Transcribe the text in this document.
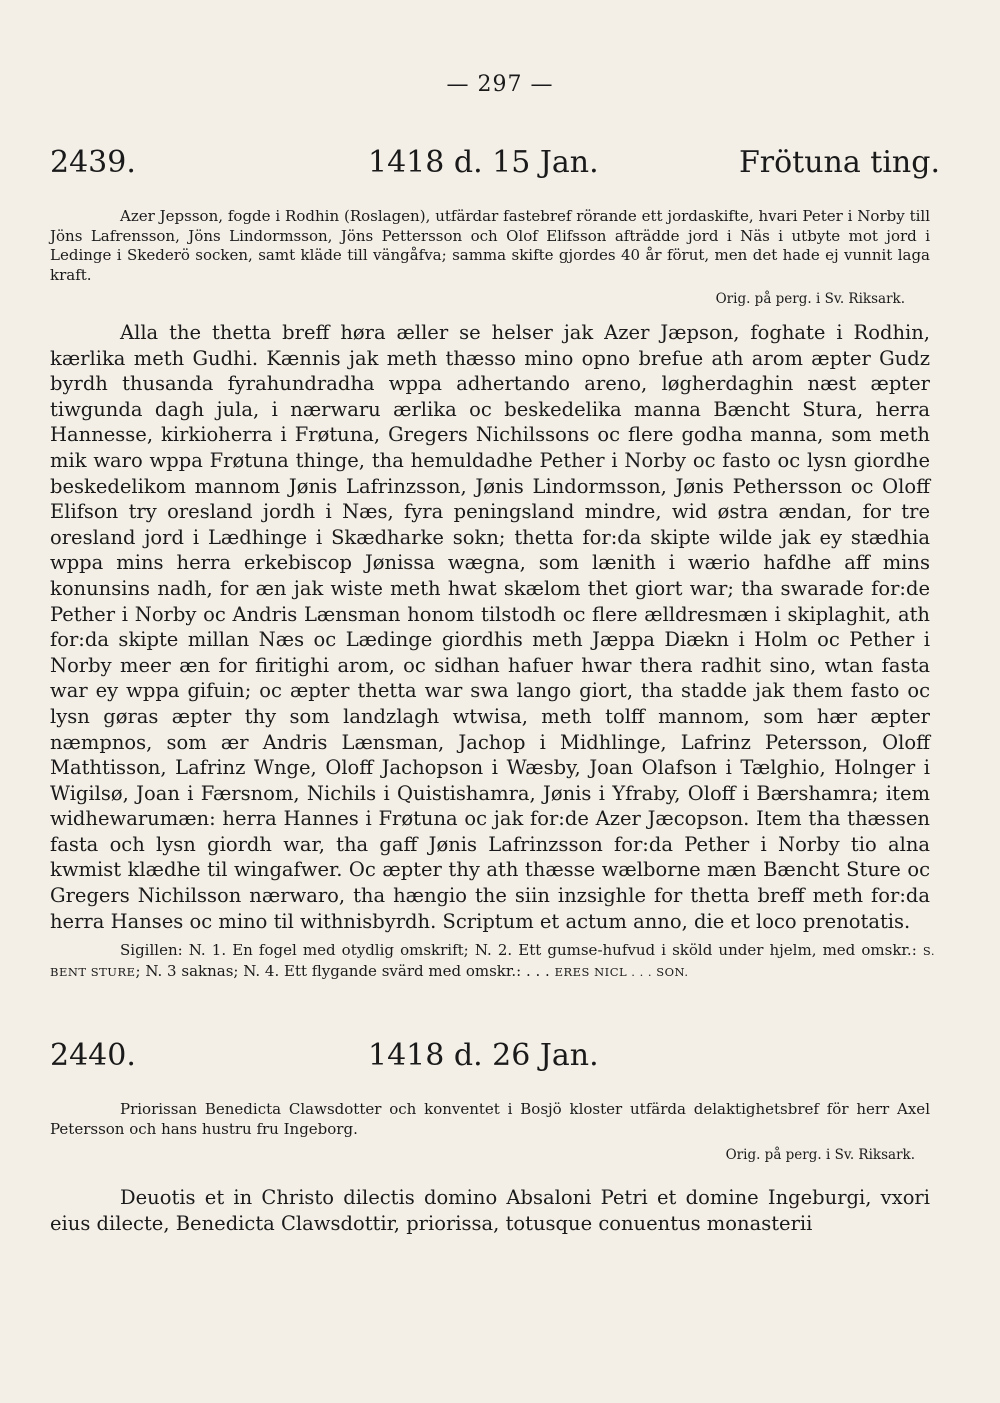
— 297 —
2439.	1418 d. 15 Jan.	Frötuna ting.
Azer Jepsson, fogde i Rodhin (Roslagen), utfärdar fastebref rörande ett jordaskifte, hvari Peter i Norby till Jöns Lafrensson, Jöns Lindormsson, Jöns Pettersson och Olof Elifsson afträdde jord i Näs i utbyte mot jord i Ledinge i Skederö socken, samt kläde till vängåfva; samma skifte gjordes 40 år förut, men det hade ej vunnit laga kraft.
Orig. på perg. i Sv. Riksark.
Alla the thetta breff høra æller se helser jak Azer Jæpson, foghate i Rodhin, kærlika meth Gudhi. Kænnis jak meth thæsso mino opno brefue ath arom æpter Gudz byrdh thusanda fyrahundradha wppa adhertando areno, løgherdaghin næst æpter tiwgunda dagh jula, i nærwaru ærlika oc beskedelika manna Bæncht Stura, herra Hannesse, kirkioherra i Frøtuna, Gregers Nichilssons oc flere godha manna, som meth mik waro wppa Frøtuna thinge, tha hemuldadhe Pether i Norby oc fasto oc lysn giordhe beskedelikom mannom Jønis Lafrinzsson, Jønis Lindormsson, Jønis Pethersson oc Oloff Elifson try oresland jordh i Næs, fyra peningsland mindre, wid østra ændan, for tre oresland jord i Lædhinge i Skædharke sokn; thetta for:da skipte wilde jak ey stædhia wppa mins herra erkebiscop Jønissa wægna, som lænith i wærio hafdhe aff mins konunsins nadh, for æn jak wiste meth hwat skælom thet giort war; tha swarade for:de Pether i Norby oc Andris Lænsman honom tilstodh oc flere ælldresmæn i skiplaghit, ath for:da skipte millan Næs oc Lædinge giordhis meth Jæppa Diækn i Holm oc Pether i Norby meer æn for firitighi arom, oc sidhan hafuer hwar thera radhit sino, wtan fasta war ey wppa gifuin; oc æpter thetta war swa lango giort, tha stadde jak them fasto oc lysn gøras æpter thy som landzlagh wtwisa, meth tolff mannom, som hær æpter næmpnos, som ær Andris Lænsman, Jachop i Midhlinge, Lafrinz Petersson, Oloff Mathtisson, Lafrinz Wnge, Oloff Jachopson i Wæsby, Joan Olafson i Tælghio, Holnger i Wigilsø, Joan i Færsnom, Nichils i Quistishamra, Jønis i Yfraby, Oloff i Bærshamra; item widhewarumæn: herra Hannes i Frøtuna oc jak for:de Azer Jæcopson. Item tha thæssen fasta och lysn giordh war, tha gaff Jønis Lafrinzsson for:da Pether i Norby tio alna kwmist klædhe til wingafwer. Oc æpter thy ath thæsse wælborne mæn Bæncht Sture oc Gregers Nichilsson nærwaro, tha hængio the siin inzsighle for thetta breff meth for:da herra Hanses oc mino til withnisbyrdh. Scriptum et actum anno, die et loco prenotatis.
Sigillen: N. 1. En fogel med otydlig omskrift; N. 2. Ett gumse-hufvud i sköld under hjelm, med omskr.: S. BENT STURE; N. 3 saknas; N. 4. Ett flygande svärd med omskr.: . . . ERES NICL . . . SON.
2440.	1418 d. 26 Jan.
Priorissan Benedicta Clawsdotter och konventet i Bosjö kloster utfärda delaktighetsbref för herr Axel Petersson och hans hustru fru Ingeborg.
Orig. på perg. i Sv. Riksark.
Deuotis et in Christo dilectis domino Absaloni Petri et domine Ingeburgi, vxori eius dilecte, Benedicta Clawsdottir, priorissa, totusque conuentus monasterii
